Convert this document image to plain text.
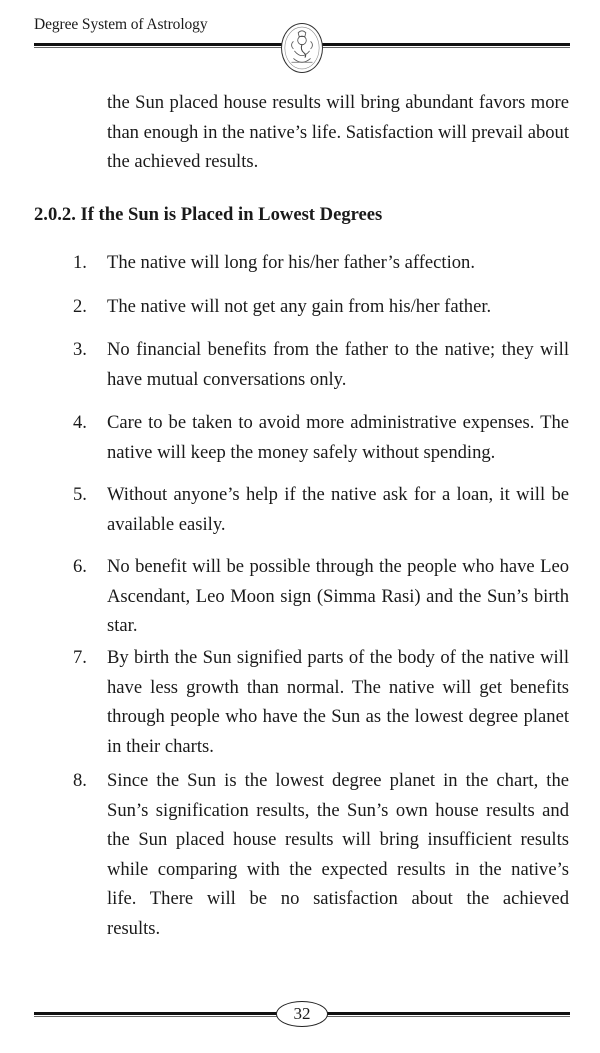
Degree System of Astrology
the Sun placed house results will bring abundant favors more
than enough in the native’s life. Satisfaction will prevail about
the achieved results.
2.0.2. If the Sun is Placed in Lowest Degrees
1. The native will long for his/her father’s affection.
2. The native will not get any gain from his/her father.
3. No financial benefits from the father to the native; they will
have mutual conversations only.
4. Care to be taken to avoid more administrative expenses. The
native will keep the money safely without spending.
5. Without anyone’s help if the native ask for a loan, it will be
available easily.
6. No benefit will be possible through the people who have Leo
Ascendant, Leo Moon sign (Simma Rasi) and the Sun’s birth
star.
7. By birth the Sun signified parts of the body of the native will
have less growth than normal. The native will get benefits
through people who have the Sun as the lowest degree planet
in their charts.
8. Since the Sun is the lowest degree planet in the chart, the
Sun’s signification results, the Sun’s own house results and
the Sun placed house results will bring insufficient results
while comparing with the expected results in the native’s
life. There will be no satisfaction about the achieved
results.
32
